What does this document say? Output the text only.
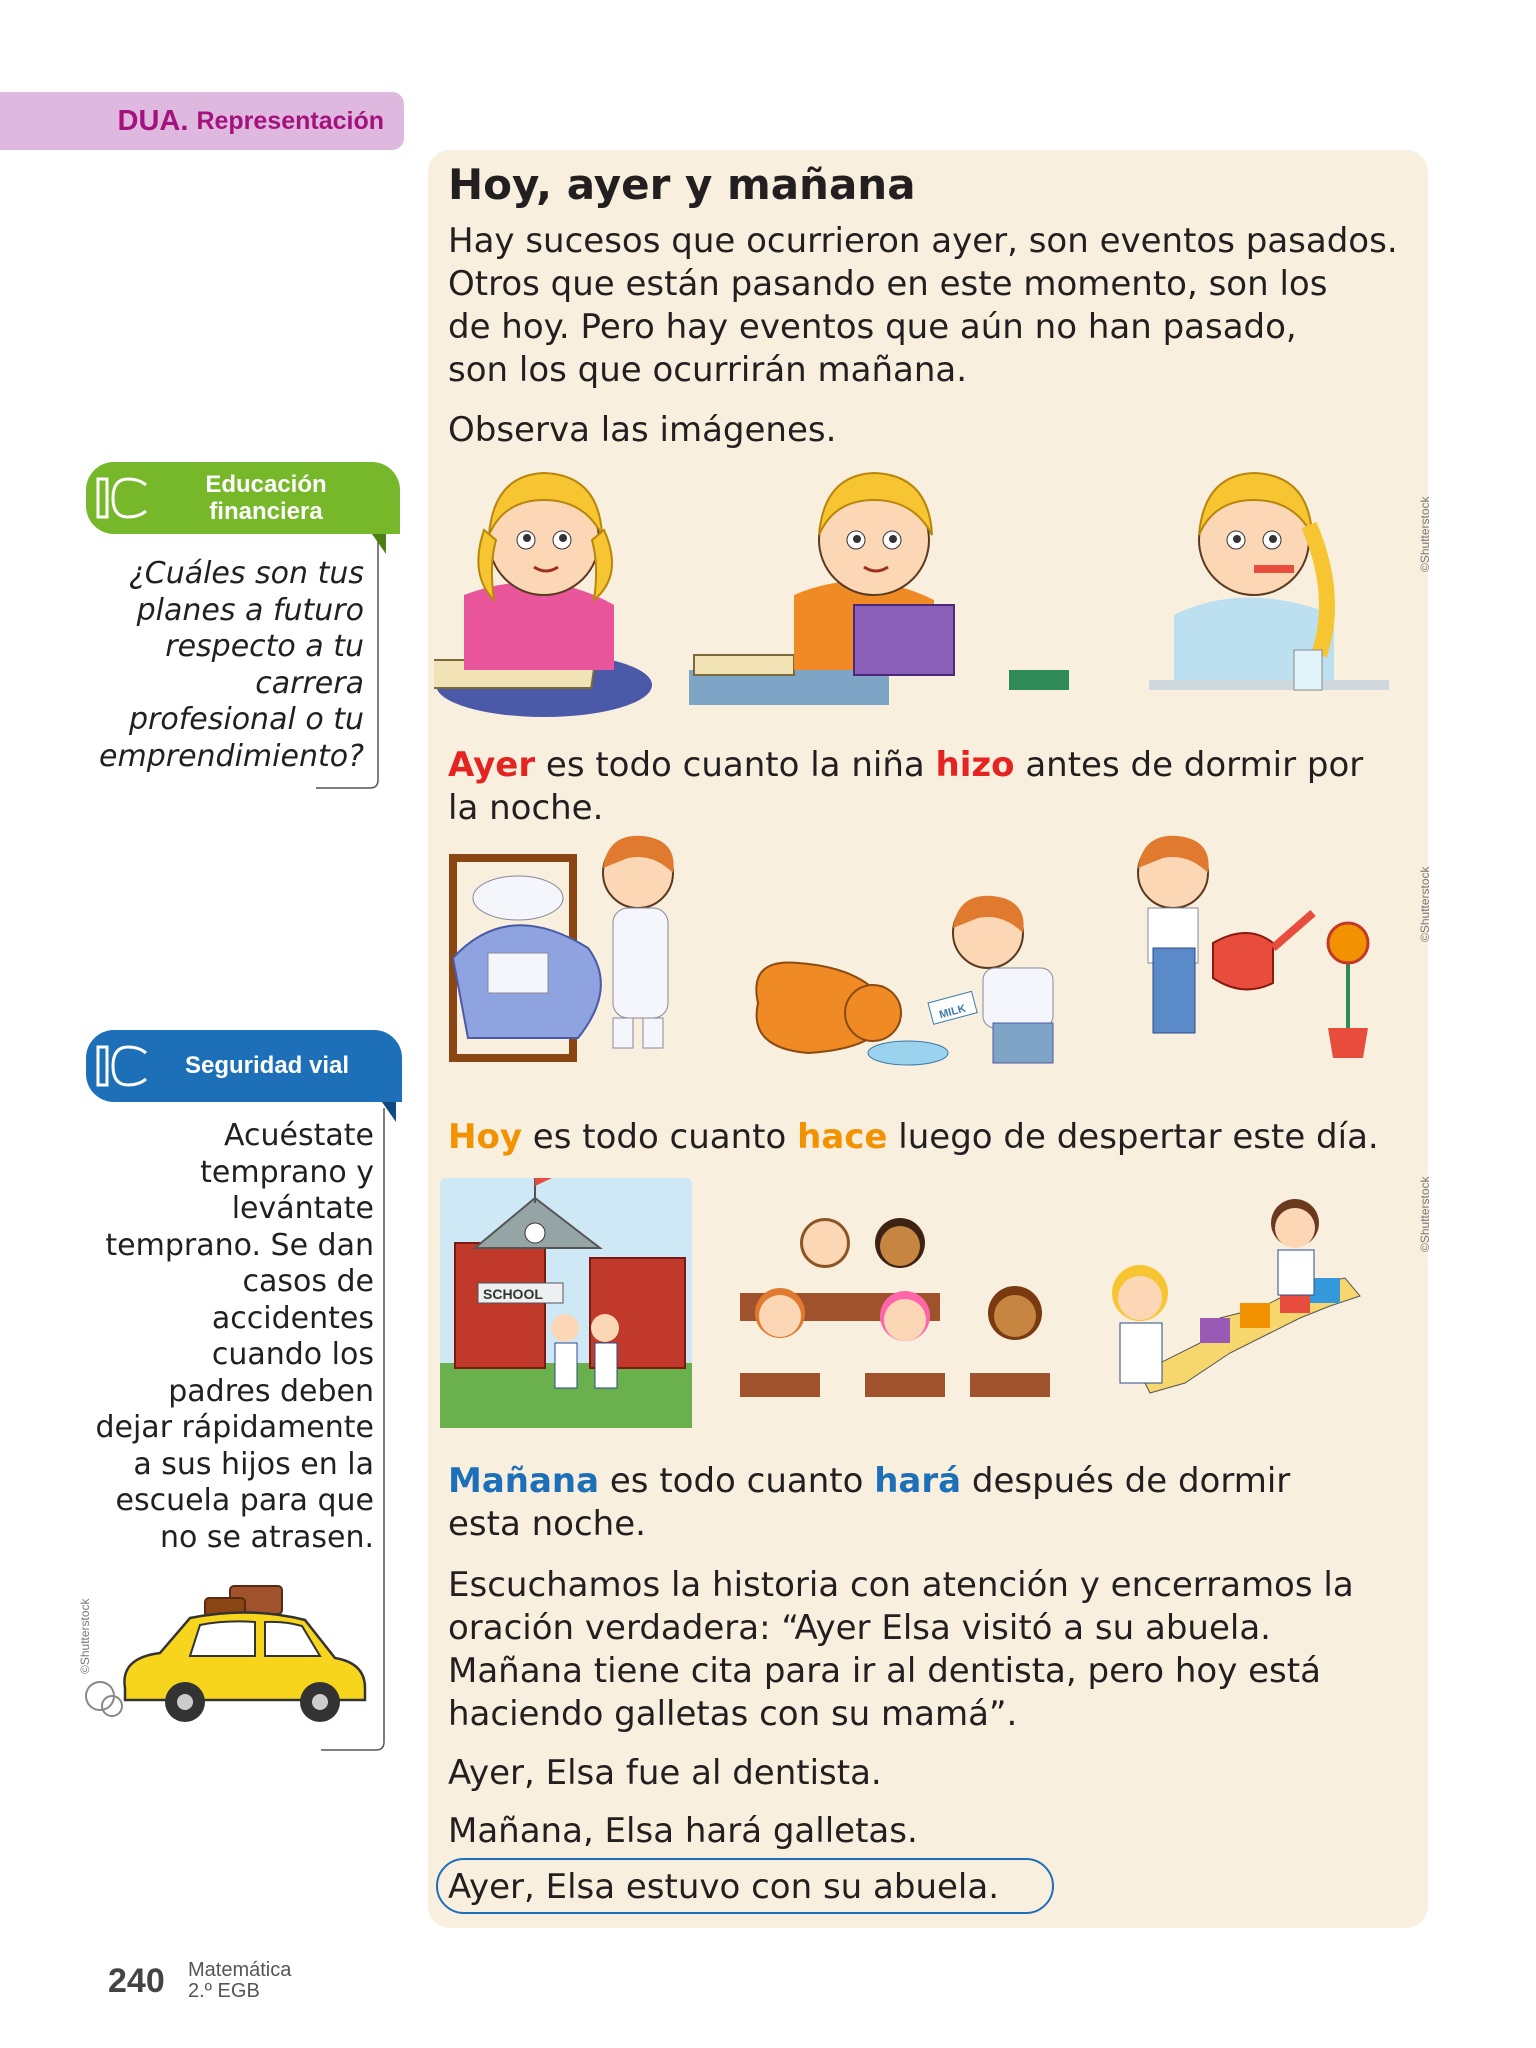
DUA. Representación
Hoy, ayer y mañana

Hay sucesos que ocurrieron ayer, son eventos pasados.

Otros que están pasando en este momento, son los

de hoy. Pero hay eventos que aún no han pasado,

son los que ocurrirán mañana.

Observa las imágenes.

©Shutterstock

Ayer es todo cuanto la niña hizo antes de dormir por

la noche.

MILK
©Shutterstock

Hoy es todo cuanto hace luego de despertar este día.

SCHOOL
©Shutterstock

Mañana es todo cuanto hará después de dormir

esta noche.

Escuchamos la historia con atención y encerramos la

oración verdadera: “Ayer Elsa visitó a su abuela.

Mañana tiene cita para ir al dentista, pero hoy está

haciendo galletas con su mamá”.

Ayer, Elsa fue al dentista.

Mañana, Elsa hará galletas.

Ayer, Elsa estuvo con su abuela.

Educación
financiera
¿Cuáles son tus
planes a futuro
respecto a tu
carrera
profesional o tu
emprendimiento?
Seguridad vial
Acuéstate
temprano y
levántate
temprano. Se dan
casos de
accidentes
cuando los
padres deben
dejar rápidamente
a sus hijos en la
escuela para que
no se atrasen.
©Shutterstock
240 Matemática
2.º EGB
